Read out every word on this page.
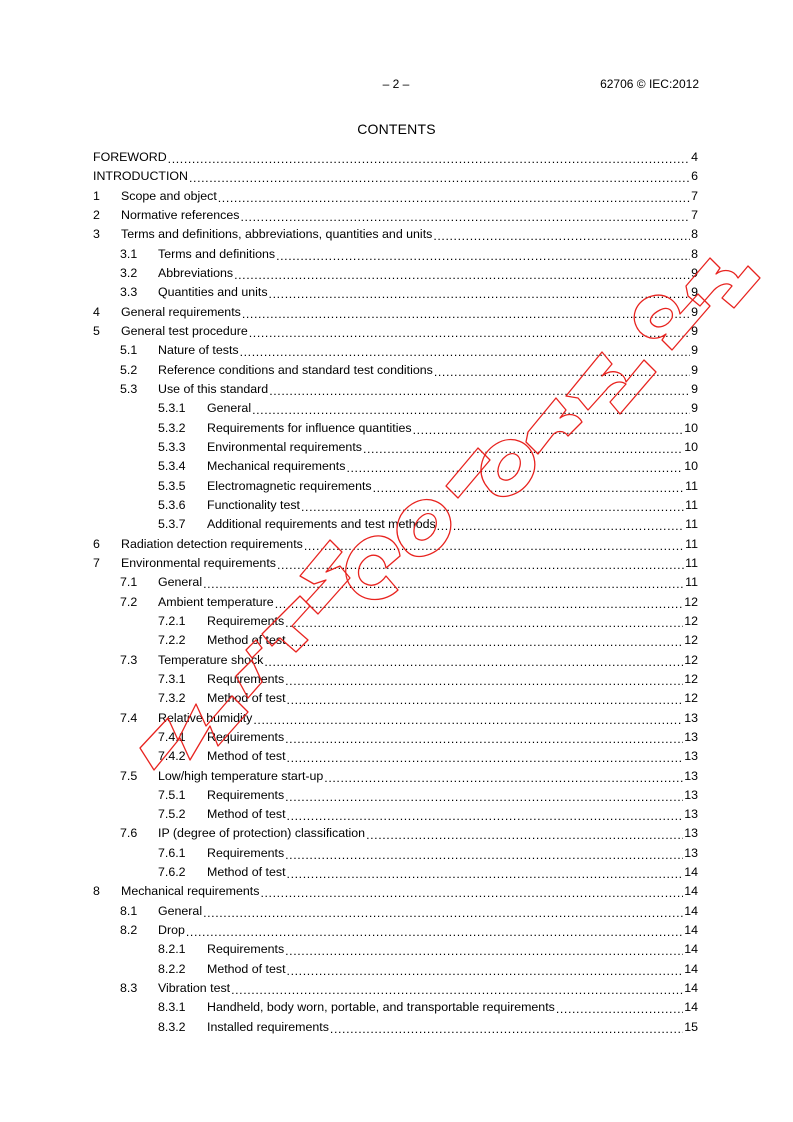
– 2 –	62706 © IEC:2012
CONTENTS
FOREWORD .....	4
INTRODUCTION .....	6
1	Scope and object .....	7
2	Normative references .....	7
3	Terms and definitions, abbreviations, quantities and units .....	8
3.1	Terms and definitions .....	8
3.2	Abbreviations .....	9
3.3	Quantities and units .....	9
4	General requirements .....	9
5	General test procedure .....	9
5.1	Nature of tests .....	9
5.2	Reference conditions and standard test conditions .....	9
5.3	Use of this standard .....	9
5.3.1	General .....	9
5.3.2	Requirements for influence quantities .....	10
5.3.3	Environmental requirements .....	10
5.3.4	Mechanical requirements .....	10
5.3.5	Electromagnetic requirements .....	11
5.3.6	Functionality test .....	11
5.3.7	Additional requirements and test methods .....	11
6	Radiation detection requirements .....	11
7	Environmental requirements .....	11
7.1	General .....	11
7.2	Ambient temperature .....	12
7.2.1	Requirements .....	12
7.2.2	Method of test .....	12
7.3	Temperature shock .....	12
7.3.1	Requirements .....	12
7.3.2	Method of test .....	12
7.4	Relative humidity .....	13
7.4.1	Requirements .....	13
7.4.2	Method of test .....	13
7.5	Low/high temperature start-up .....	13
7.5.1	Requirements .....	13
7.5.2	Method of test .....	13
7.6	IP (degree of protection) classification .....	13
7.6.1	Requirements .....	13
7.6.2	Method of test .....	14
8	Mechanical requirements .....	14
8.1	General .....	14
8.2	Drop .....	14
8.2.1	Requirements .....	14
8.2.2	Method of test .....	14
8.3	Vibration test .....	14
8.3.1	Handheld, body worn, portable, and transportable requirements .....	14
8.3.2	Installed requirements .....	15
